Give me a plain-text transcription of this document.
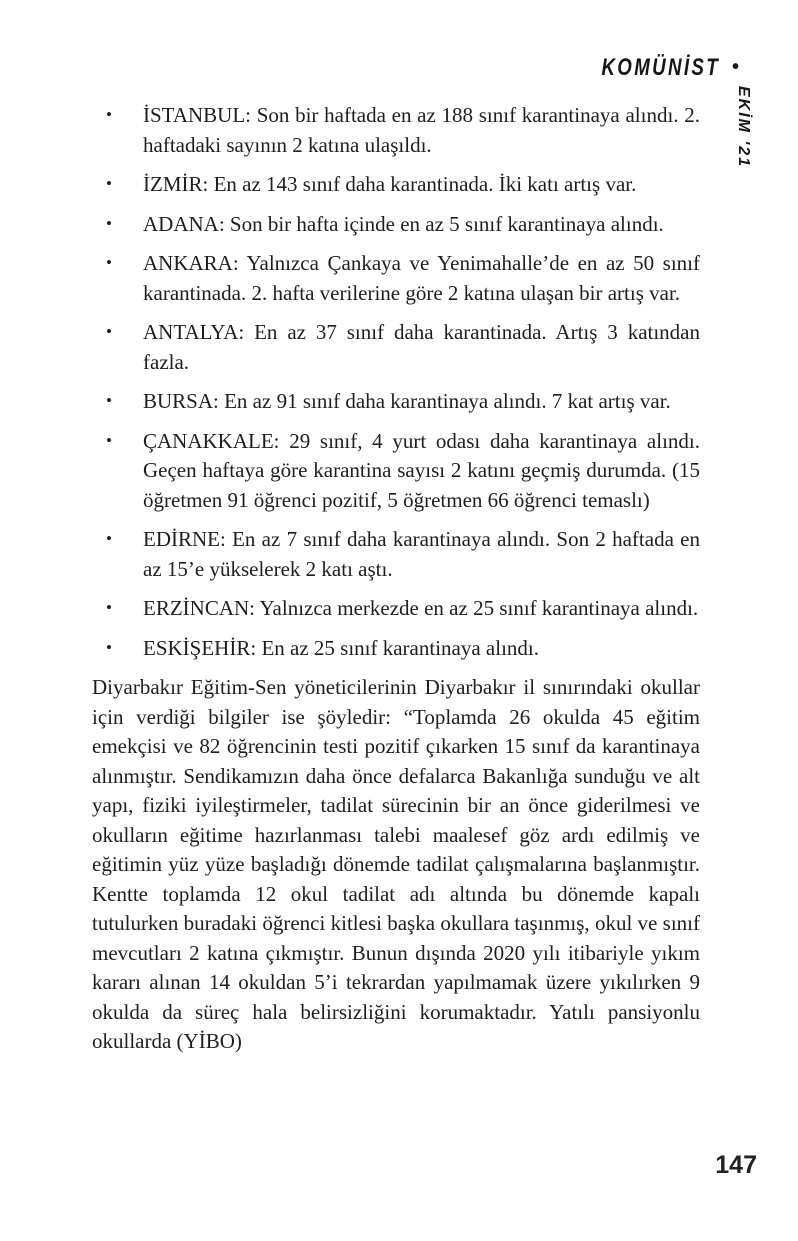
KOMÜNİST •
EKİM '21
• İSTANBUL: Son bir haftada en az 188 sınıf karantinaya alındı. 2. haftadaki sayının 2 katına ulaşıldı.

• İZMİR: En az 143 sınıf daha karantinada. İki katı artış var.

• ADANA: Son bir hafta içinde en az 5 sınıf karantinaya alındı.

• ANKARA: Yalnızca Çankaya ve Yenimahalle’de en az 50 sınıf karantinada. 2. hafta verilerine göre 2 katına ulaşan bir artış var.

• ANTALYA: En az 37 sınıf daha karantinada. Artış 3 katından fazla.

• BURSA: En az 91 sınıf daha karantinaya alındı. 7 kat artış var.

• ÇANAKKALE: 29 sınıf, 4 yurt odası daha karantinaya alındı. Geçen haftaya göre karantina sayısı 2 katını geçmiş durumda. (15 öğretmen 91 öğrenci pozitif, 5 öğretmen 66 öğrenci temaslı)

• EDİRNE: En az 7 sınıf daha karantinaya alındı. Son 2 haftada en az 15’e yükselerek 2 katı aştı.

• ERZİNCAN: Yalnızca merkezde en az 25 sınıf karantinaya alındı.

• ESKİŞEHİR: En az 25 sınıf karantinaya alındı.

Diyarbakır Eğitim-Sen yöneticilerinin Diyarbakır il sınırındaki okullar için verdiği bilgiler ise şöyledir: “Toplamda 26 okulda 45 eğitim emekçisi ve 82 öğrencinin testi pozitif çıkarken 15 sınıf da karantinaya alınmıştır. Sendikamızın daha önce defalarca Bakanlığa sunduğu ve alt yapı, fiziki iyileştirmeler, tadilat sürecinin bir an önce giderilmesi ve okulların eğitime hazırlanması talebi maalesef göz ardı edilmiş ve eğitimin yüz yüze başladığı dönemde tadilat çalışmalarına başlanmıştır. Kentte toplamda 12 okul tadilat adı altında bu dönemde kapalı tutulurken buradaki öğrenci kitlesi başka okullara taşınmış, okul ve sınıf mevcutları 2 katına çıkmıştır. Bunun dışında 2020 yılı itibariyle yıkım kararı alınan 14 okuldan 5’i tekrardan yapılmamak üzere yıkılırken 9 okulda da süreç hala belirsizliğini korumaktadır. Yatılı pansiyonlu okullarda (YİBO)

147
